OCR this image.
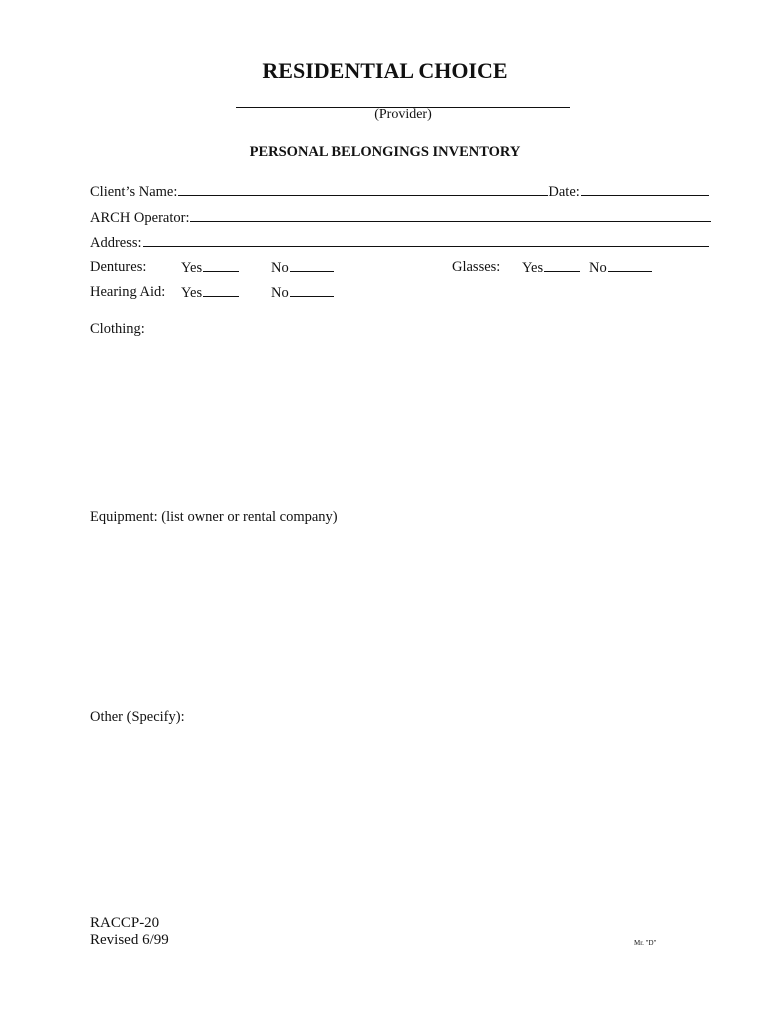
RESIDENTIAL CHOICE
(Provider)
PERSONAL BELONGINGS INVENTORY
Client’s Name:	Date:
ARCH Operator:
Address:
Dentures: Yes	No	Glasses: Yes	No
Hearing Aid: Yes	No
Clothing:
Equipment: (list owner or rental company)
Other (Specify):
RACCP-20
Revised 6/99	Mr. "D"
